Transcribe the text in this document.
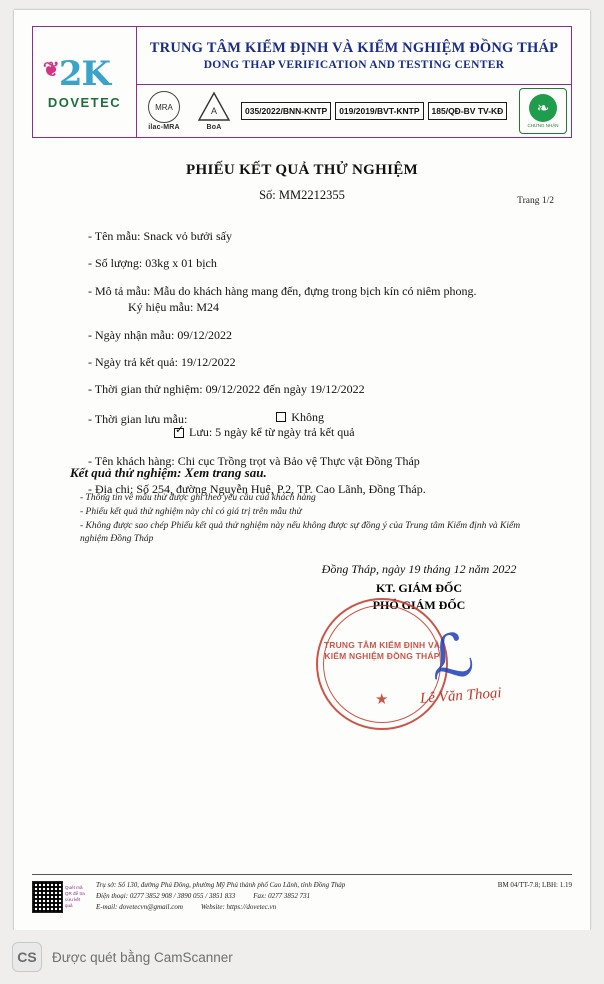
❦ 2K
DOVETEC
TRUNG TÂM KIỂM ĐỊNH VÀ KIỂM NGHIỆM ĐỒNG THÁP
DONG THAP VERIFICATION AND TESTING CENTER
MRA
ilac-MRA
A
BoA
035/2022/BNN-KNTP	019/2019/BVT-KNTP	185/QĐ-BV TV-KĐ	❧
CHỨNG NHẬN
PHIẾU KẾT QUẢ THỬ NGHIỆM
Số: MM2212355	Trang 1/2
- Tên mẫu: Snack vỏ bưởi sấy
- Số lượng: 03kg x 01 bịch
- Mô tả mẫu: Mẫu do khách hàng mang đến, đựng trong bịch kín có niêm phong.
Ký hiệu mẫu: M24
- Ngày nhận mẫu: 09/12/2022
- Ngày trả kết quả: 19/12/2022
- Thời gian thử nghiệm: 09/12/2022 đến ngày 19/12/2022
- Thời gian lưu mẫu:	Không

✓
Lưu: 5 ngày kể từ ngày trả kết quả
- Tên khách hàng: Chi cục Trồng trọt và Bảo vệ Thực vật Đồng Tháp
- Địa chi: Số 254, đường Nguyễn Huệ, P.2, TP. Cao Lãnh, Đồng Tháp.
Kết quả thử nghiệm: Xem trang sau.
- Thông tin về mẫu thử được ghi theo yêu cầu của khách hàng
- Phiếu kết quả thử nghiệm này chỉ có giá trị trên mẫu thử
- Không được sao chép Phiếu kết quả thử nghiệm này nếu không được sự đồng ý của Trung tâm Kiểm định và Kiểm nghiệm Đồng Tháp
Đồng Tháp, ngày 19 tháng 12 năm 2022
KT. GIÁM ĐỐC
PHÓ GIÁM ĐỐC
TRUNG TÂM KIỂM ĐỊNH VÀ KIỂM NGHIỆM ĐỒNG THÁP
★
ℒ
Lê Văn Thoại
Quét mã QR để tra cứu kết quả
Trụ sở: Số 130, đường Phú Đông, phường Mỹ Phú thành phố Cao Lãnh, tỉnh Đồng Tháp
Điện thoại: 0277 3852 908 / 3890 055 / 3851 833	Fax: 0277 3852 731
E-mail: dovetecvn@gmail.com	Website: https://dovetec.vn
BM 04/TT-7.8; LBH: 1.19
CS	Được quét bằng CamScanner
